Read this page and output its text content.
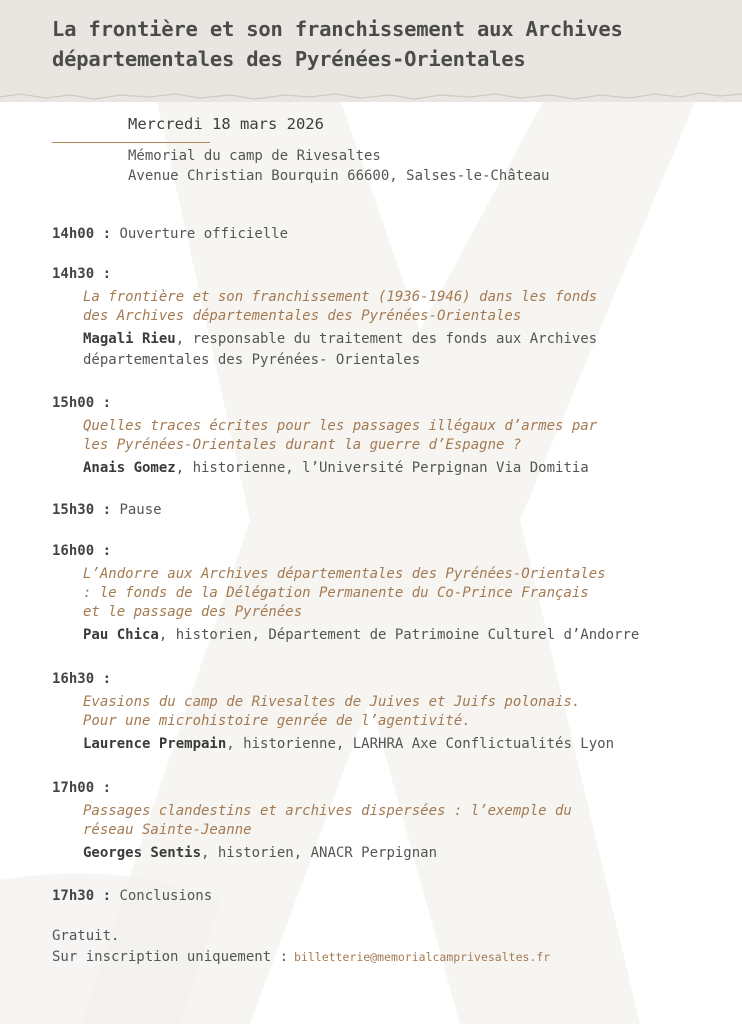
La frontière et son franchissement aux Archives
départementales des Pyrénées-Orientales
Mercredi 18 mars 2026
Mémorial du camp de Rivesaltes
Avenue Christian Bourquin 66600, Salses-le-Château
14h00 : Ouverture officielle
14h30 :
La frontière et son franchissement (1936-1946) dans les fonds
des Archives départementales des Pyrénées-Orientales
Magali Rieu, responsable du traitement des fonds aux Archives
départementales des Pyrénées- Orientales
15h00 :
Quelles traces écrites pour les passages illégaux d’armes par
les Pyrénées-Orientales durant la guerre d’Espagne ?
Anais Gomez, historienne, l’Université Perpignan Via Domitia
15h30 : Pause
16h00 :
L’Andorre aux Archives départementales des Pyrénées-Orientales
: le fonds de la Délégation Permanente du Co-Prince Français
et le passage des Pyrénées
Pau Chica, historien, Département de Patrimoine Culturel d’Andorre
16h30 :
Evasions du camp de Rivesaltes de Juives et Juifs polonais.
Pour une microhistoire genrée de l’agentivité.
Laurence Prempain, historienne, LARHRA Axe Conflictualités Lyon
17h00 :
Passages clandestins et archives dispersées : l’exemple du
réseau Sainte-Jeanne
Georges Sentis, historien, ANACR Perpignan
17h30 : Conclusions
Gratuit.
Sur inscription uniquement : billetterie@memorialcamprivesaltes.fr
